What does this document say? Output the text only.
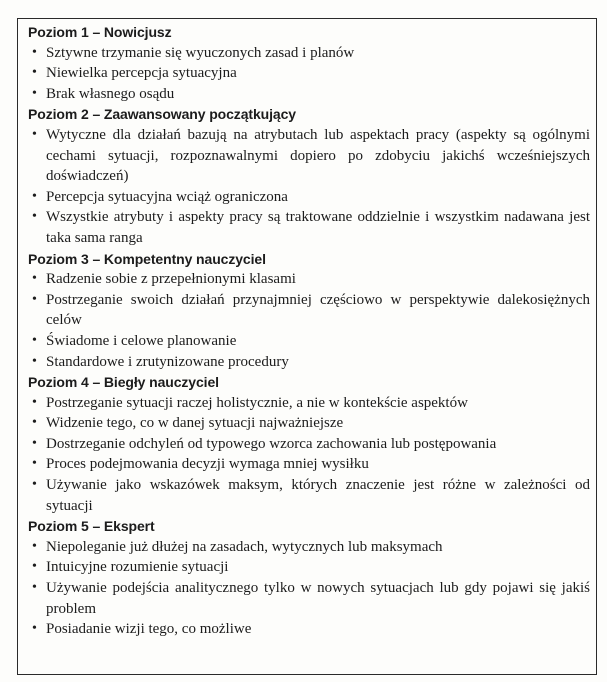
Poziom 1 – Nowicjusz

• Sztywne trzymanie się wyuczonych zasad i planów
• Niewielka percepcja sytuacyjna
• Brak własnego osądu

Poziom 2 – Zaawansowany początkujący

• Wytyczne dla działań bazują na atrybutach lub aspektach pracy (aspekty są ogólnymi cechami sytuacji, rozpoznawalnymi dopiero po zdobyciu jakichś wcześniejszych doświadczeń)
• Percepcja sytuacyjna wciąż ograniczona
• Wszystkie atrybuty i aspekty pracy są traktowane oddzielnie i wszystkim nadawana jest taka sama ranga

Poziom 3 – Kompetentny nauczyciel

• Radzenie sobie z przepełnionymi klasami
• Postrzeganie swoich działań przynajmniej częściowo w perspektywie dalekosiężnych celów
• Świadome i celowe planowanie
• Standardowe i zrutynizowane procedury

Poziom 4 – Biegły nauczyciel

• Postrzeganie sytuacji raczej holistycznie, a nie w kontekście aspektów
• Widzenie tego, co w danej sytuacji najważniejsze
• Dostrzeganie odchyleń od typowego wzorca zachowania lub postępowania
• Proces podejmowania decyzji wymaga mniej wysiłku
• Używanie jako wskazówek maksym, których znaczenie jest różne w zależności od sytuacji

Poziom 5 – Ekspert

• Niepoleganie już dłużej na zasadach, wytycznych lub maksymach
• Intuicyjne rozumienie sytuacji
• Używanie podejścia analitycznego tylko w nowych sytuacjach lub gdy pojawi się jakiś problem
• Posiadanie wizji tego, co możliwe
